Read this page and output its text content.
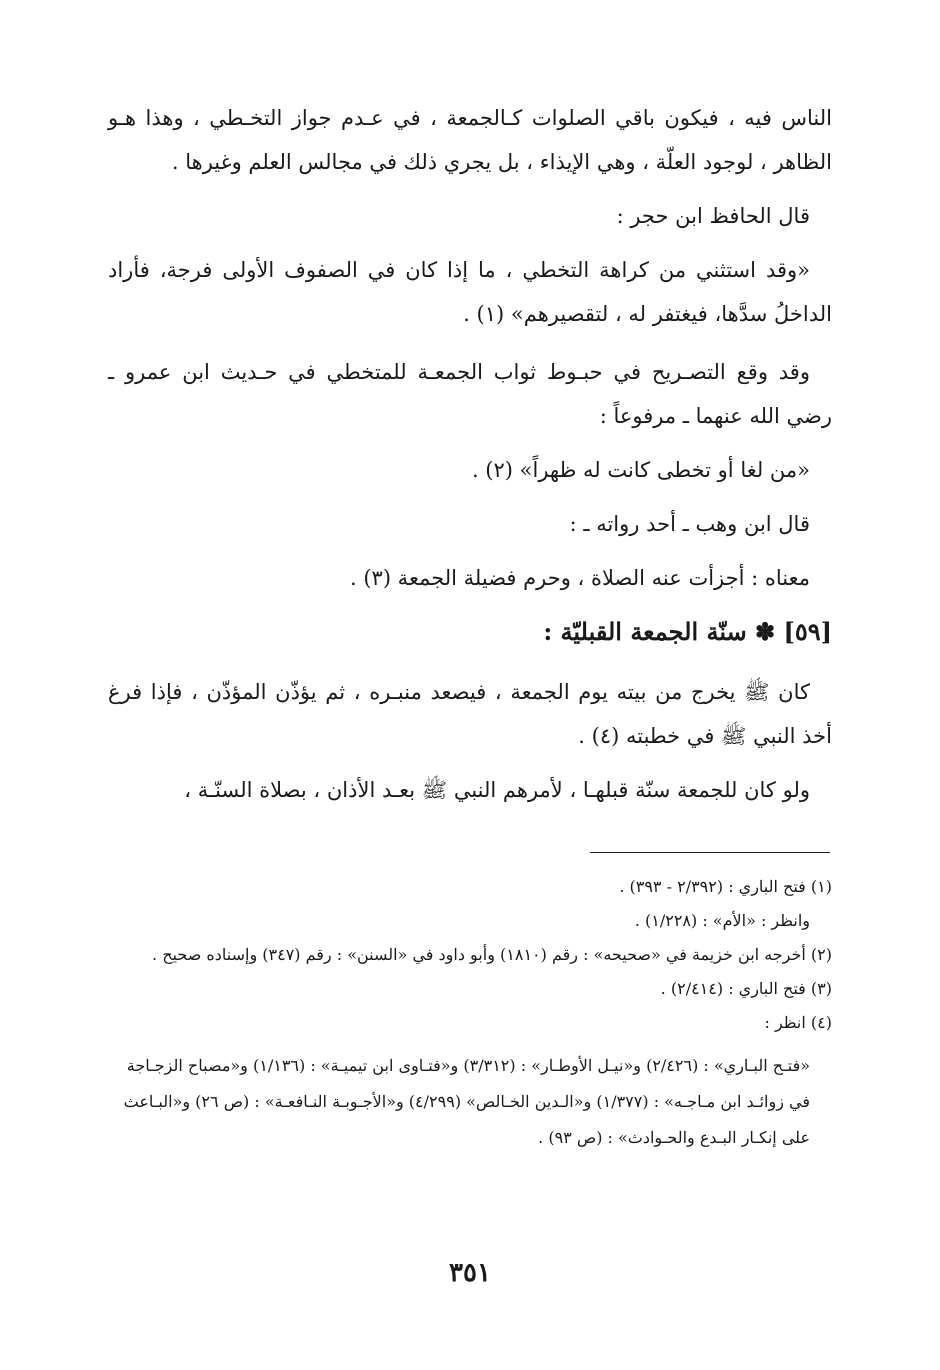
الناس فيه ، فيكون باقي الصلوات كـالجمعة ، في عـدم جواز التخـطي ، وهذا هـو الظاهر ، لوجود العلّة ، وهي الإيذاء ، بل يجري ذلك في مجالس العلم وغيرها .

قال الحافظ ابن حجر :

«وقد استثني من كراهة التخطي ، ما إذا كان في الصفوف الأولى فرجة، فأراد الداخلُ سدَّها، فيغتفر له ، لتقصيرهم» (١) .

وقد وقع التصـريح في حبـوط ثواب الجمعـة للمتخطي في حـديث ابن عمرو ـ رضي الله عنهما ـ مرفوعاً :

«من لغا أو تخطى كانت له ظهراً» (٢) .

قال ابن وهب ـ أحد رواته ـ :

معناه : أجزأت عنه الصلاة ، وحرم فضيلة الجمعة (٣) .

[٥٩] ✽ سنّة الجمعة القبليّة :

كان ﷺ يخرج من بيته يوم الجمعة ، فيصعد منبـره ، ثم يؤذّن المؤذّن ، فإذا فرغ أخذ النبي ﷺ في خطبته (٤) .

ولو كان للجمعة سنّة قبلهـا ، لأمرهم النبي ﷺ بعـد الأذان ، بصلاة السنّـة ،

(١) فتح الباري : (٢/٣٩٢ - ٣٩٣) .

وانظر : «الأم» : (١/٢٢٨) .

(٢) أخرجه ابن خزيمة في «صحيحه» : رقم (١٨١٠) وأبو داود في «السنن» : رقم (٣٤٧) وإسناده صحيح .

(٣) فتح الباري : (٢/٤١٤) .

(٤) انظر :

«فتـح البـاري» : (٢/٤٢٦) و«نيـل الأوطـار» : (٣/٣١٢) و«فتـاوى ابن تيميـة» : (١/١٣٦) و«مصباح الزجـاجة في زوائـد ابن مـاجـه» : (١/٣٧٧) و«الـدين الخـالص» (٤/٢٩٩) و«الأجـوبـة النـافعـة» : (ص ٢٦) و«البـاعث على إنكـار البـدع والحـوادث» : (ص ٩٣) .

٣٥١
